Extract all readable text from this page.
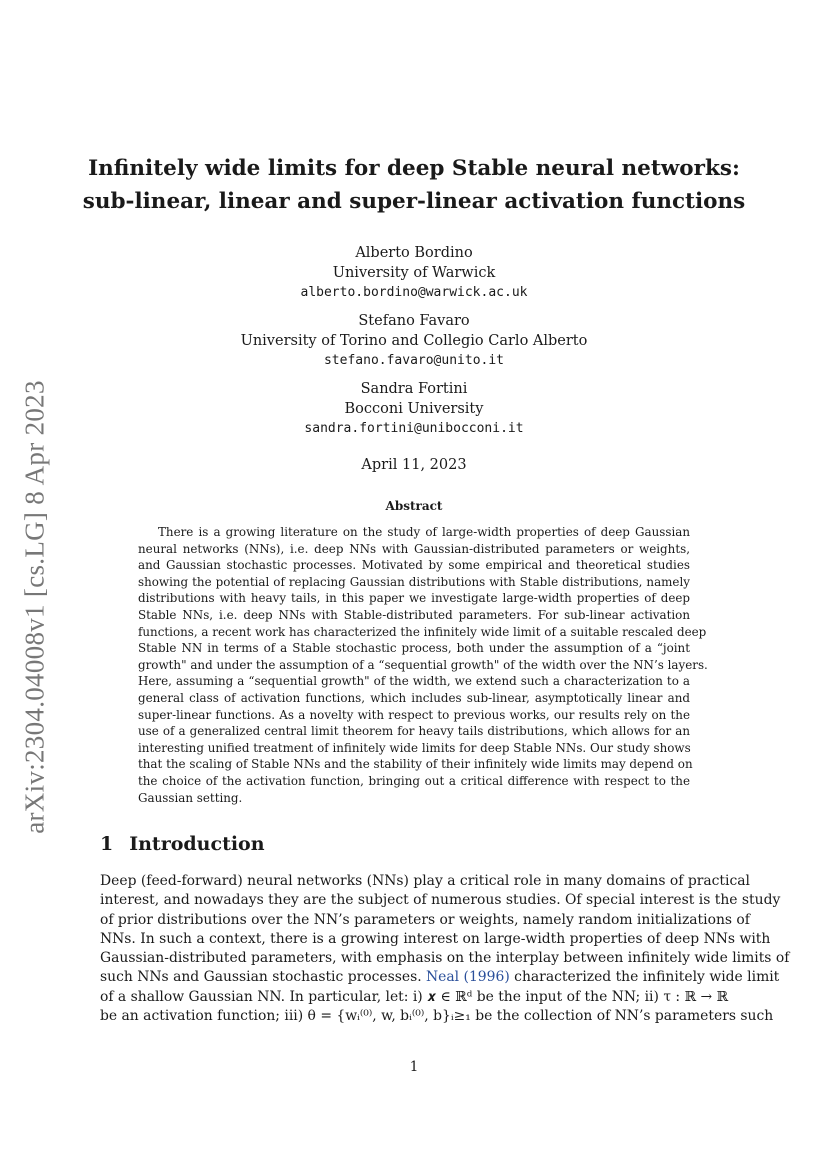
arXiv:2304.04008v1 [cs.LG] 8 Apr 2023
Infinitely wide limits for deep Stable neural networks:
sub-linear, linear and super-linear activation functions
Alberto Bordino
University of Warwick
alberto.bordino@warwick.ac.uk
Stefano Favaro
University of Torino and Collegio Carlo Alberto
stefano.favaro@unito.it
Sandra Fortini
Bocconi University
sandra.fortini@unibocconi.it
April 11, 2023
Abstract
There is a growing literature on the study of large-width properties of deep Gaussian
neural networks (NNs), i.e. deep NNs with Gaussian-distributed parameters or weights,
and Gaussian stochastic processes. Motivated by some empirical and theoretical studies
showing the potential of replacing Gaussian distributions with Stable distributions, namely
distributions with heavy tails, in this paper we investigate large-width properties of deep
Stable NNs, i.e. deep NNs with Stable-distributed parameters. For sub-linear activation
functions, a recent work has characterized the infinitely wide limit of a suitable rescaled deep
Stable NN in terms of a Stable stochastic process, both under the assumption of a “joint
growth" and under the assumption of a “sequential growth" of the width over the NN’s layers.
Here, assuming a “sequential growth" of the width, we extend such a characterization to a
general class of activation functions, which includes sub-linear, asymptotically linear and
super-linear functions. As a novelty with respect to previous works, our results rely on the
use of a generalized central limit theorem for heavy tails distributions, which allows for an
interesting unified treatment of infinitely wide limits for deep Stable NNs. Our study shows
that the scaling of Stable NNs and the stability of their infinitely wide limits may depend on
the choice of the activation function, bringing out a critical difference with respect to the
Gaussian setting.
1 Introduction
Deep (feed-forward) neural networks (NNs) play a critical role in many domains of practical
interest, and nowadays they are the subject of numerous studies. Of special interest is the study
of prior distributions over the NN’s parameters or weights, namely random initializations of
NNs. In such a context, there is a growing interest on large-width properties of deep NNs with
Gaussian-distributed parameters, with emphasis on the interplay between infinitely wide limits of
such NNs and Gaussian stochastic processes. Neal (1996) characterized the infinitely wide limit
of a shallow Gaussian NN. In particular, let: i) 𝒙 ∈ ℝᵈ be the input of the NN; ii) τ : ℝ → ℝ
be an activation function; iii) θ = {wᵢ⁽⁰⁾, w, bᵢ⁽⁰⁾, b}ᵢ≥₁ be the collection of NN’s parameters such
1
